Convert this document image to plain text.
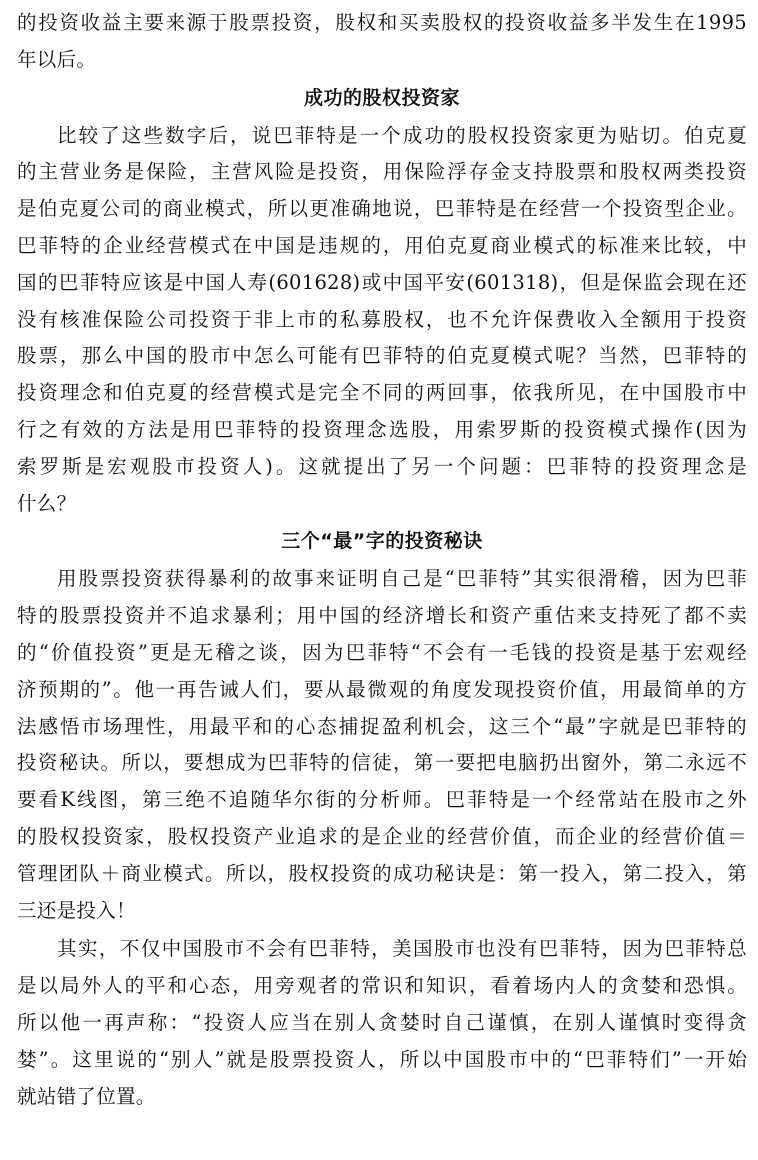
的投资收益主要来源于股票投资，股权和买卖股权的投资收益多半发生在1995
年以后。
成功的股权投资家
比较了这些数字后，说巴菲特是一个成功的股权投资家更为贴切。伯克夏
的主营业务是保险，主营风险是投资，用保险浮存金支持股票和股权两类投资
是伯克夏公司的商业模式，所以更准确地说，巴菲特是在经营一个投资型企业。
巴菲特的企业经营模式在中国是违规的，用伯克夏商业模式的标准来比较，中
国的巴菲特应该是中国人寿(601628)或中国平安(601318)，但是保监会现在还
没有核准保险公司投资于非上市的私募股权，也不允许保费收入全额用于投资
股票，那么中国的股市中怎么可能有巴菲特的伯克夏模式呢？当然，巴菲特的
投资理念和伯克夏的经营模式是完全不同的两回事，依我所见，在中国股市中
行之有效的方法是用巴菲特的投资理念选股，用索罗斯的投资模式操作(因为
索罗斯是宏观股市投资人)。这就提出了另一个问题：巴菲特的投资理念是
什么？
三个“最”字的投资秘诀
用股票投资获得暴利的故事来证明自己是“巴菲特”其实很滑稽，因为巴菲
特的股票投资并不追求暴利；用中国的经济增长和资产重估来支持死了都不卖
的“价值投资”更是无稽之谈，因为巴菲特“不会有一毛钱的投资是基于宏观经
济预期的”。他一再告诫人们，要从最微观的角度发现投资价值，用最简单的方
法感悟市场理性，用最平和的心态捕捉盈利机会，这三个“最”字就是巴菲特的
投资秘诀。所以，要想成为巴菲特的信徒，第一要把电脑扔出窗外，第二永远不
要看K线图，第三绝不追随华尔街的分析师。巴菲特是一个经常站在股市之外
的股权投资家，股权投资产业追求的是企业的经营价值，而企业的经营价值＝
管理团队＋商业模式。所以，股权投资的成功秘诀是：第一投入，第二投入，第
三还是投入！
其实，不仅中国股市不会有巴菲特，美国股市也没有巴菲特，因为巴菲特总
是以局外人的平和心态，用旁观者的常识和知识，看着场内人的贪婪和恐惧。
所以他一再声称：“投资人应当在别人贪婪时自己谨慎，在别人谨慎时变得贪
婪”。这里说的“别人”就是股票投资人，所以中国股市中的“巴菲特们”一开始
就站错了位置。
